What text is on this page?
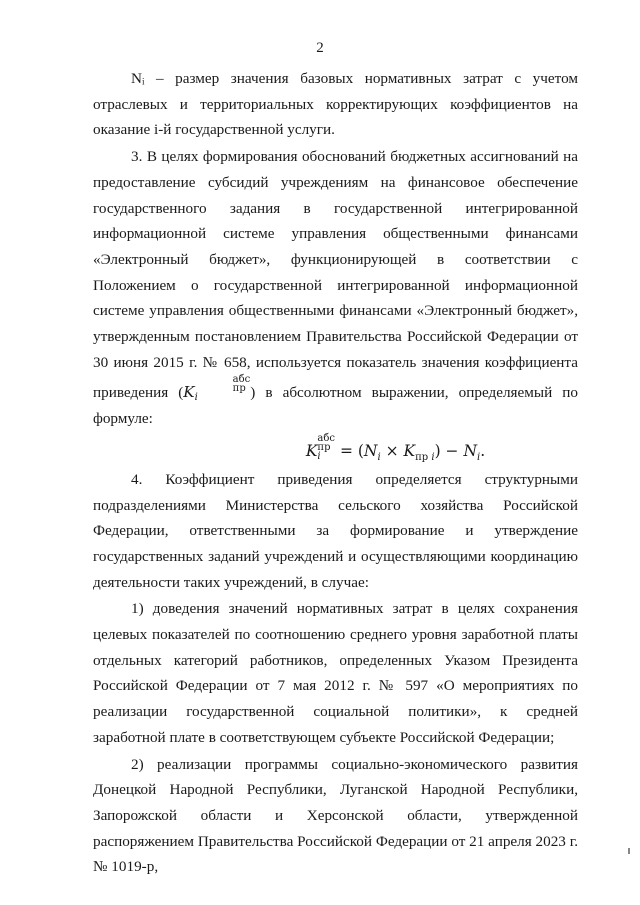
2

Nᵢ – размер значения базовых нормативных затрат с учетом отраслевых и территориальных корректирующих коэффициентов на оказание i-й государственной услуги.

3. В целях формирования обоснований бюджетных ассигнований на предоставление субсидий учреждениям на финансовое обеспечение государственного задания в государственной интегрированной информационной системе управления общественными финансами «Электронный бюджет», функционирующей в соответствии с Положением о государственной интегрированной информационной системе управления общественными финансами «Электронный бюджет», утвержденным постановлением Правительства Российской Федерации от 30 июня 2015 г. № 658, используется показатель значения коэффициента приведения (K
абс
пр
i	) в абсолютном выражении, определяемый по формуле:

K
абс
пр
$i = (N_i \times K_{пр i}) - N_i$.

4. Коэффициент приведения определяется структурными подразделениями Министерства сельского хозяйства Российской Федерации, ответственными за формирование и утверждение государственных заданий учреждений и осуществляющими координацию деятельности таких учреждений, в случае:

1) доведения значений нормативных затрат в целях сохранения целевых показателей по соотношению среднего уровня заработной платы отдельных категорий работников, определенных Указом Президента Российской Федерации от 7 мая 2012 г. № 597 «О мероприятиях по реализации государственной социальной политики», к средней заработной плате в соответствующем субъекте Российской Федерации;

2) реализации программы социально-экономического развития Донецкой Народной Республики, Луганской Народной Республики, Запорожской области и Херсонской области, утвержденной распоряжением Правительства Российской Федерации от 21 апреля 2023 г. № 1019-р,
